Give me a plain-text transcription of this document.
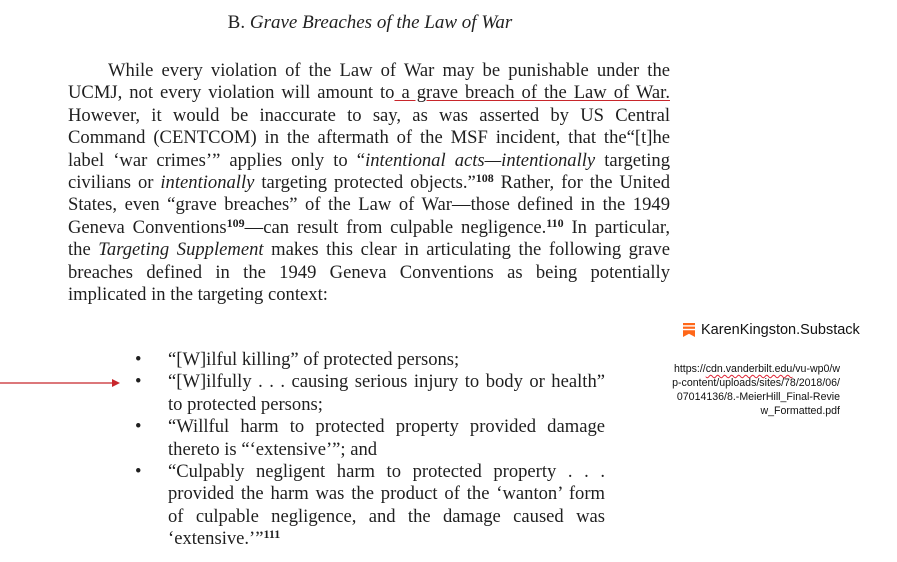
B. Grave Breaches of the Law of War
While every violation of the Law of War may be punishable under the UCMJ, not every violation will amount to a grave breach of the Law of War. However, it would be inaccurate to say, as was asserted by US Central Command (CENTCOM) in the aftermath of the MSF incident, that the“[t]he label ‘war crimes’” applies only to “intentional acts—intentionally targeting civilians or intentionally targeting protected objects.”$^{108}$ Rather, for the United States, even “grave breaches” of the Law of War—those defined in the 1949 Geneva Conventions$^{109}$—can result from culpable negligence.$^{110}$ In particular, the Targeting Supplement makes this clear in articulating the following grave breaches defined in the 1949 Geneva Conventions as being potentially implicated in the targeting context:
• “[W]ilful killing” of protected persons;
• “[W]ilfully . . . causing serious injury to body or health” to protected persons;
• “Willful harm to protected property provided damage thereto is “‘extensive’”; and
• “Culpably negligent harm to protected property . . . provided the harm was the product of the ‘wanton’ form of culpable negligence, and the damage caused was ‘extensive.’”$^{111}$
KarenKingston.Substack
https://cdn.vanderbilt.edu/vu-wp0/wp-content/uploads/sites/78/2018/06/07014136/8.-MeierHill_Final-Review_Formatted.pdf
